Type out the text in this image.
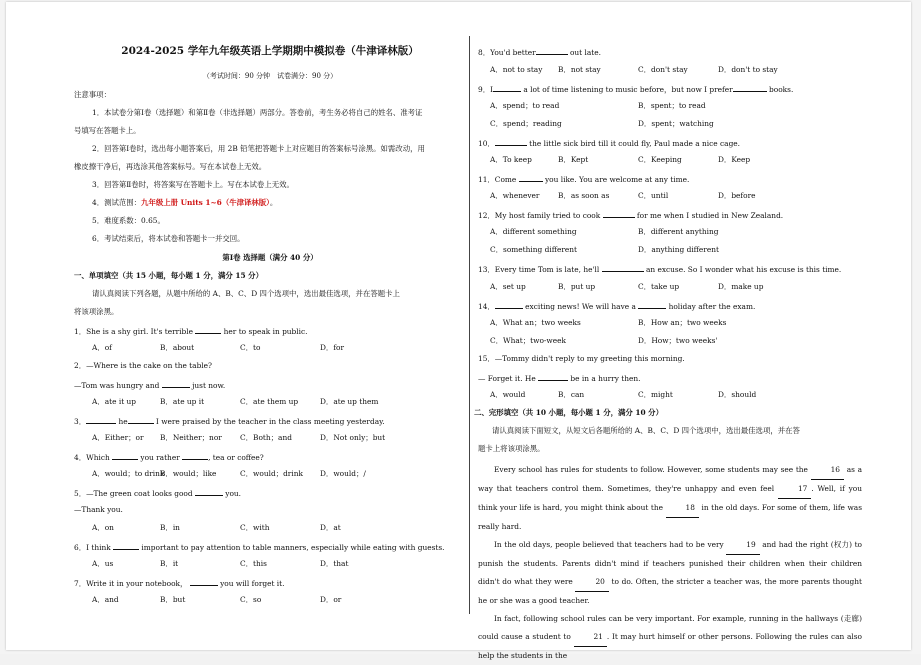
2024-2025 学年九年级英语上学期期中模拟卷（牛津译林版）
（考试时间：90 分钟　试卷满分：90 分）
注意事项：
1．本试卷分第Ⅰ卷（选择题）和第Ⅱ卷（非选择题）两部分。答卷前，考生务必将自己的姓名、准考证
号填写在答题卡上。
2．回答第Ⅰ卷时，选出每小题答案后，用 2B 铅笔把答题卡上对应题目的答案标号涂黑。如需改动，用
橡皮擦干净后，再选涂其他答案标号。写在本试卷上无效。
3．回答第Ⅱ卷时，将答案写在答题卡上。写在本试卷上无效。
4．测试范围：九年级上册 Units 1~6（牛津译林版）。
5．难度系数：0.65。
6．考试结束后，将本试卷和答题卡一并交回。
第Ⅰ卷 选择题（满分 40 分）
一、单项填空（共 15 小题，每小题 1 分，满分 15 分）
请认真阅读下列各题，从题中所给的 A、B、C、D 四个选项中，选出最佳选项，并在答题卡上
将该项涂黑。
1．She is a shy girl. It's terrible	her to speak in public.
A．of	B．about	C．to	D．for
2．—Where is the cake on the table?
—Tom was hungry and	just now.
A．ate it up	B．ate up it	C．ate them up	D．ate up them
3．	he	I were praised by the teacher in the class meeting yesterday.
A．Either；or B．Neither；nor C．Both；and	D．Not only；but
4．Which	you rather	, tea or coffee?
A．would；to drink
B．would；like	C．would；drink D．would；/
5．—The green coat looks good	you.
—Thank you.
A．on	B．in	C．with	D．at
6．I think	important to pay attention to table manners, especially while eating with guests.
A．us	B．it	C．this	D．that
7．Write it in your notebook，	you will forget it.
A．and	B．but	C．so	D．or
8．You'd better	out late.
A．not to stay B．not stay	C．don't stay	D．don't to stay
9．I	a lot of time listening to music before，but now I prefer	books.
A．spend；to read	B．spent；to read
C．spend；reading	D．spent；watching
10．	the little sick bird till it could fly, Paul made a nice cage.
A．To keep	B．Kept	C．Keeping	D．Keep
11．Come	you like. You are welcome at any time.
A．whenever	B．as soon as	C．until	D．before
12．My host family tried to cook	for me when I studied in New Zealand.
A．different something	B．different anything
C．something different	D．anything different
13．Every time Tom is late, he'll	an excuse. So I wonder what his excuse is this time.
A．set up	B．put up	C．take up	D．make up
14．	exciting news! We will have a	holiday after the exam.
A．What an；two weeks	B．How an；two weeks
C．What；two-week	D．How；two weeks'
15．—Tommy didn't reply to my greeting this morning.
— Forget it. He	be in a hurry then.
A．would	B．can	C．might	D．should
二、完形填空（共 10 小题，每小题 1 分，满分 10 分）
请认真阅读下面短文，从短文后各题所给的 A、B、C、D 四个选项中，选出最佳选项，并在答
题卡上将该项涂黑。
Every school has rules for students to follow. However, some students may see the	16 as a way that teachers control them. Sometimes, they're unhappy and even feel	17 . Well, if you think your life is hard, you might think about the	18 in the old days. For some of them, life was really hard.
In the old days, people believed that teachers had to be very	19 and had the right (权力) to punish the students. Parents didn't mind if teachers punished their children when their children didn't do what they were	20 to do. Often, the stricter a teacher was, the more parents thought he or she was a good teacher.
In fact, following school rules can be very important. For example, running in the hallways (走廊) could cause a student to	21 . It may hurt himself or other persons. Following the rules can also help the students in the
